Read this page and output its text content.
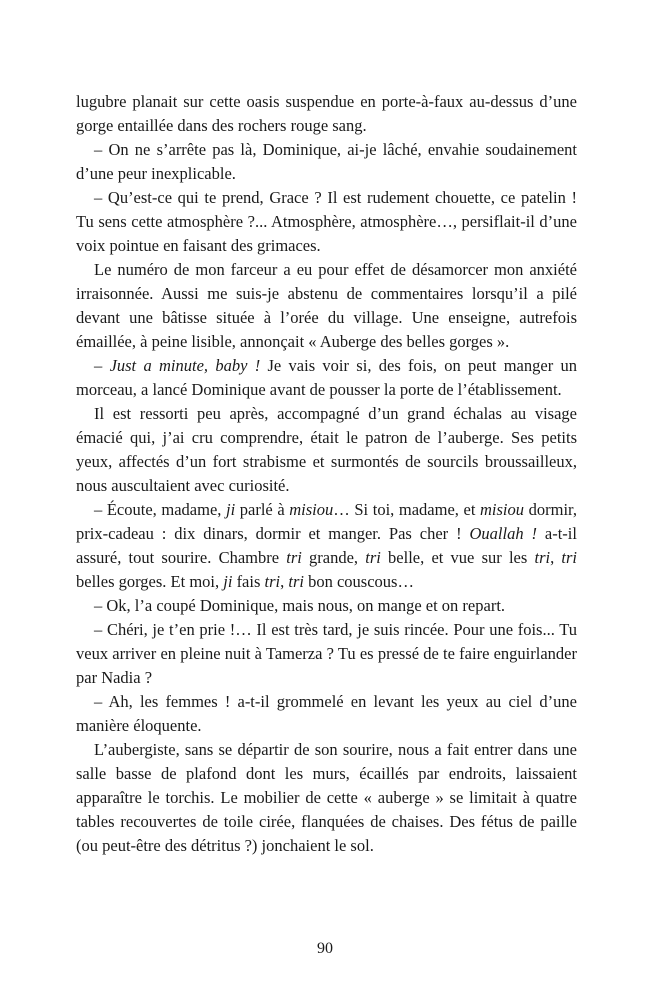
lugubre planait sur cette oasis suspendue en porte-à-faux au-dessus d’une gorge entaillée dans des rochers rouge sang.

– On ne s’arrête pas là, Dominique, ai-je lâché, envahie soudainement d’une peur inexplicable.

– Qu’est-ce qui te prend, Grace ? Il est rudement chouette, ce patelin ! Tu sens cette atmosphère ?... Atmosphère, atmosphère…, persiflait-il d’une voix pointue en faisant des grimaces.

Le numéro de mon farceur a eu pour effet de désamorcer mon anxiété irraisonnée. Aussi me suis-je abstenu de commentaires lorsqu’il a pilé devant une bâtisse située à l’orée du village. Une enseigne, autrefois émaillée, à peine lisible, annonçait « Auberge des belles gorges ».

– Just a minute, baby ! Je vais voir si, des fois, on peut manger un morceau, a lancé Dominique avant de pousser la porte de l’établissement.

Il est ressorti peu après, accompagné d’un grand échalas au visage émacié qui, j’ai cru comprendre, était le patron de l’auberge. Ses petits yeux, affectés d’un fort strabisme et surmontés de sourcils broussailleux, nous auscultaient avec curiosité.

– Écoute, madame, ji parlé à misiou… Si toi, madame, et misiou dormir, prix-cadeau : dix dinars, dormir et manger. Pas cher ! Ouallah ! a-t-il assuré, tout sourire. Chambre tri grande, tri belle, et vue sur les tri, tri belles gorges. Et moi, ji fais tri, tri bon couscous…

– Ok, l’a coupé Dominique, mais nous, on mange et on repart.

– Chéri, je t’en prie !… Il est très tard, je suis rincée. Pour une fois... Tu veux arriver en pleine nuit à Tamerza ? Tu es pressé de te faire enguirlander par Nadia ?

– Ah, les femmes ! a-t-il grommelé en levant les yeux au ciel d’une manière éloquente.

L’aubergiste, sans se départir de son sourire, nous a fait entrer dans une salle basse de plafond dont les murs, écaillés par endroits, laissaient apparaître le torchis. Le mobilier de cette « auberge » se limitait à quatre tables recouvertes de toile cirée, flanquées de chaises. Des fétus de paille (ou peut-être des détritus ?) jonchaient le sol.

90
